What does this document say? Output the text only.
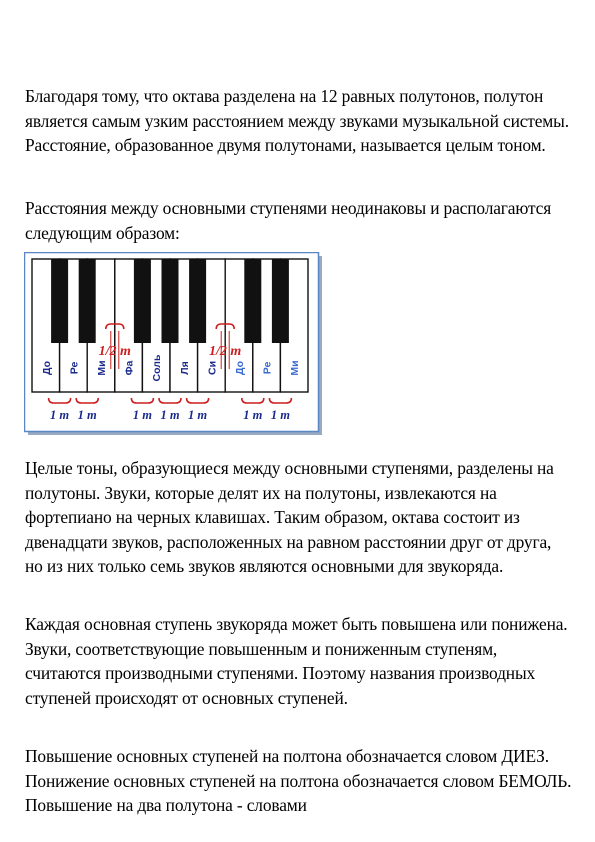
Благодаря тому, что октава разделена на 12 равных полутонов, полутон является самым узким расстоянием между звуками музыкальной системы. Расстояние, образованное двумя полутонами, называется целым тоном.

Расстояния между основными ступенями неодинаковы и располагаются следующим образом:

До Ре Ми Фа Соль Ля Си До Ре Ми
1/2 т	1/2 т
1 т 1 т	1 т 1 т 1 т	1 т 1 т

Целые тоны, образующиеся между основными ступенями, разделены на полутоны. Звуки, которые делят их на полутоны, извлекаются на фортепиано на черных клавишах. Таким образом, октава состоит из двенадцати звуков, расположенных на равном расстоянии друг от друга, но из них только семь звуков являются основными для звукоряда.

Каждая основная ступень звукоряда может быть повышена или понижена. Звуки, соответствующие повышенным и пониженным ступеням, считаются производными ступенями. Поэтому названия производных ступеней происходят от основных ступеней.

Повышение основных ступеней на полтона обозначается словом ДИЕЗ. Понижение основных ступеней на полтона обозначается словом БЕМОЛЬ. Повышение на два полутона - словами
